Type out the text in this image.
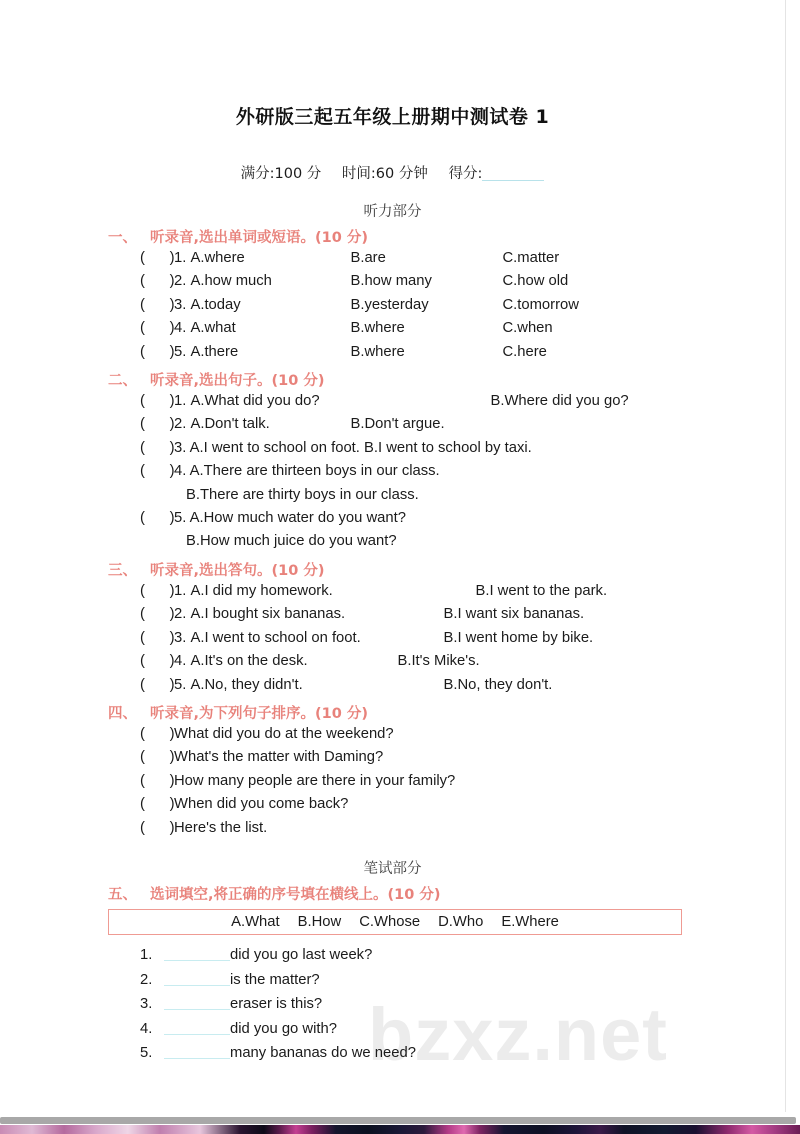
bzxz.net
外研版三起五年级上册期中测试卷 1
满分:100 分 时间:60 分钟 得分:
听力部分
一、 听录音,选出单词或短语。(10 分)
(      )1. A.where	B.are	C.matter
(      )2. A.how much	B.how many	C.how old
(      )3. A.today	B.yesterday	C.tomorrow
(      )4. A.what	B.where	C.when
(      )5. A.there	B.where	C.here
二、 听录音,选出句子。(10 分)
(      )1. A.What did you do?	B.Where did you go?
(      )2. A.Don't talk.	B.Don't argue.
(      )3. A.I went to school on foot. B.I went to school by taxi.
(      )4. A.There are thirteen boys in our class.
B.There are thirty boys in our class.
(      )5. A.How much water do you want?
B.How much juice do you want?
三、 听录音,选出答句。(10 分)
(      )1. A.I did my homework.	B.I went to the park.
(      )2. A.I bought six bananas.	B.I want six bananas.
(      )3. A.I went to school on foot.	B.I went home by bike.
(      )4. A.It's on the desk.	B.It's Mike's.
(      )5. A.No, they didn't.	B.No, they don't.
四、 听录音,为下列句子排序。(10 分)
(      )What did you do at the weekend?
(      )What's the matter with Daming?
(      )How many people are there in your family?
(      )When did you come back?
(      )Here's the list.
笔试部分
五、 选词填空,将正确的序号填在横线上。(10 分)
A.What B.How C.Whose D.Who E.Where
1.	did you go last week?
2.	is the matter?
3.	eraser is this?
4.	did you go with?
5.	many bananas do we need?
